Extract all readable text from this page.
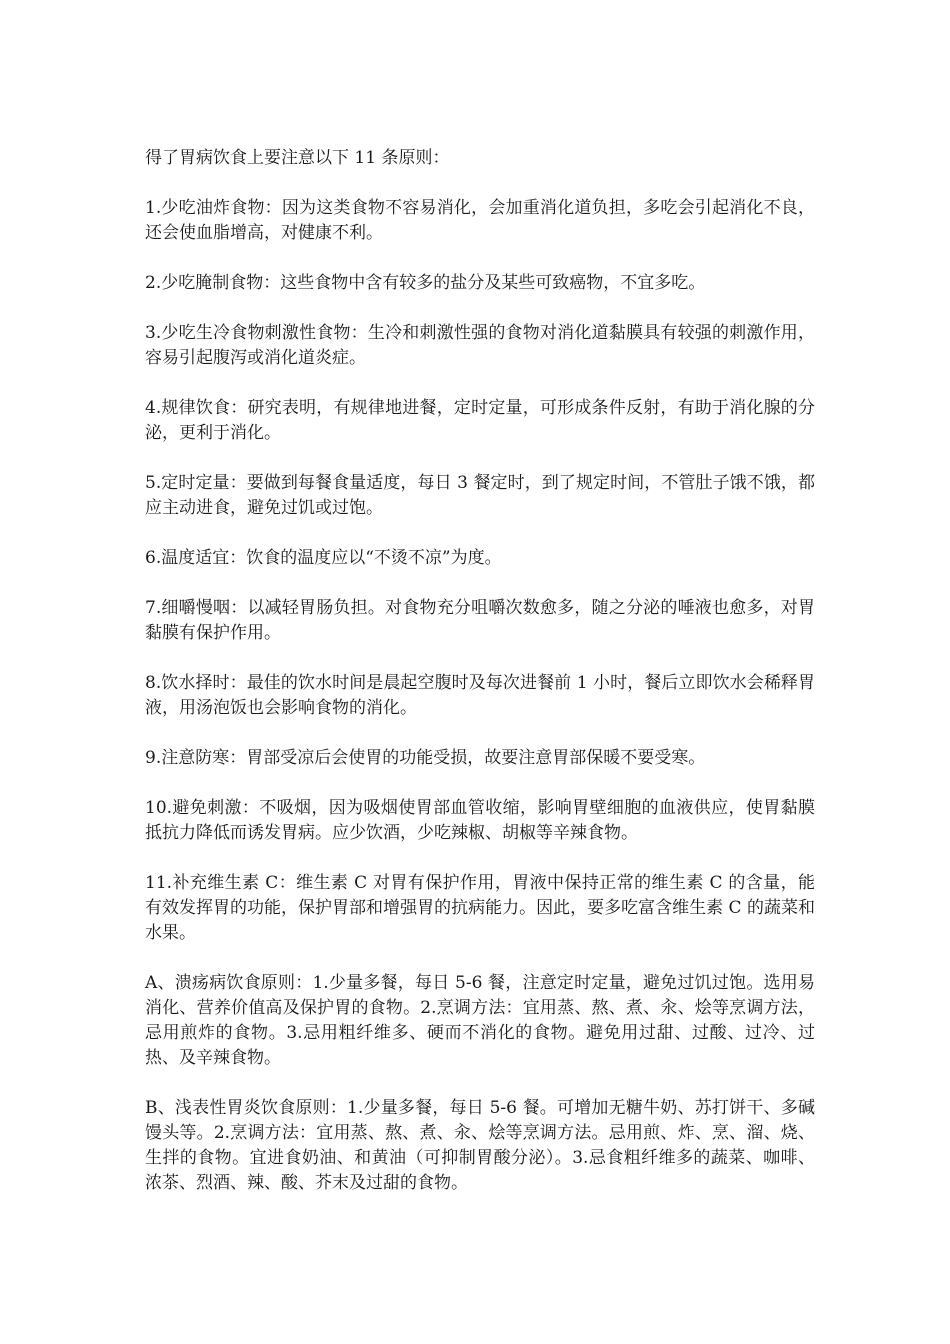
得了胃病饮食上要注意以下 11 条原则：

1.少吃油炸食物：因为这类食物不容易消化，会加重消化道负担，多吃会引起消化不良，还会使血脂增高，对健康不利。

2.少吃腌制食物：这些食物中含有较多的盐分及某些可致癌物，不宜多吃。

3.少吃生冷食物刺激性食物：生冷和刺激性强的食物对消化道黏膜具有较强的刺激作用，容易引起腹泻或消化道炎症。

4.规律饮食：研究表明，有规律地进餐，定时定量，可形成条件反射，有助于消化腺的分泌，更利于消化。

5.定时定量：要做到每餐食量适度，每日 3 餐定时，到了规定时间，不管肚子饿不饿，都应主动进食，避免过饥或过饱。

6.温度适宜：饮食的温度应以“不烫不凉”为度。

7.细嚼慢咽：以减轻胃肠负担。对食物充分咀嚼次数愈多，随之分泌的唾液也愈多，对胃黏膜有保护作用。

8.饮水择时：最佳的饮水时间是晨起空腹时及每次进餐前 1 小时，餐后立即饮水会稀释胃液，用汤泡饭也会影响食物的消化。

9.注意防寒：胃部受凉后会使胃的功能受损，故要注意胃部保暖不要受寒。

10.避免刺激：不吸烟，因为吸烟使胃部血管收缩，影响胃壁细胞的血液供应，使胃黏膜抵抗力降低而诱发胃病。应少饮酒，少吃辣椒、胡椒等辛辣食物。

11.补充维生素 C：维生素 C 对胃有保护作用，胃液中保持正常的维生素 C 的含量，能有效发挥胃的功能，保护胃部和增强胃的抗病能力。因此，要多吃富含维生素 C 的蔬菜和水果。

A、溃疡病饮食原则：1.少量多餐，每日 5-6 餐，注意定时定量，避免过饥过饱。选用易消化、营养价值高及保护胃的食物。2.烹调方法：宜用蒸、熬、煮、汆、烩等烹调方法，忌用煎炸的食物。3.忌用粗纤维多、硬而不消化的食物。避免用过甜、过酸、过冷、过热、及辛辣食物。

B、浅表性胃炎饮食原则：1.少量多餐，每日 5-6 餐。可增加无糖牛奶、苏打饼干、多碱馒头等。2.烹调方法：宜用蒸、熬、煮、汆、烩等烹调方法。忌用煎、炸、烹、溜、烧、生拌的食物。宜进食奶油、和黄油（可抑制胃酸分泌）。3.忌食粗纤维多的蔬菜、咖啡、浓茶、烈酒、辣、酸、芥末及过甜的食物。
